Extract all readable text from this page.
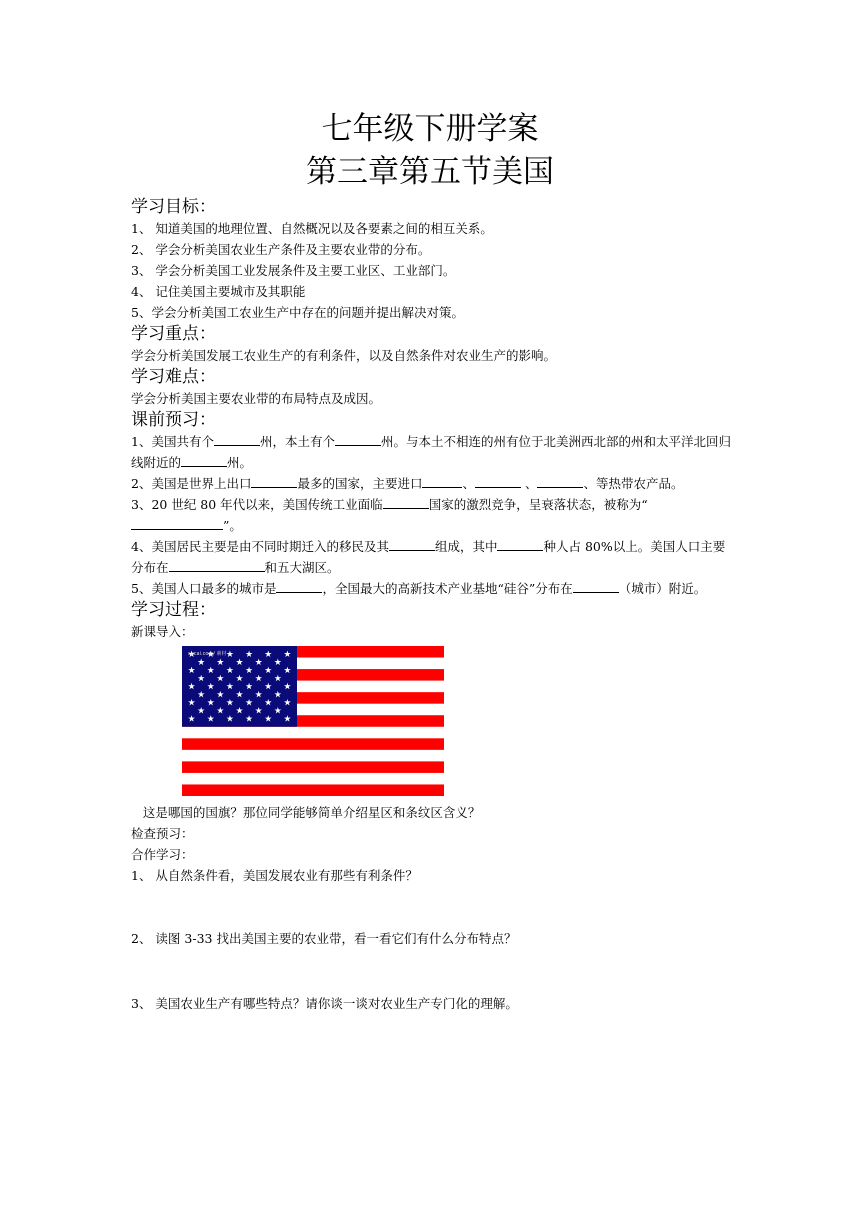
七年级下册学案
第三章第五节美国

学习目标：

1、 知道美国的地理位置、自然概况以及各要素之间的相互关系。

2、 学会分析美国农业生产条件及主要农业带的分布。

3、 学会分析美国工业发展条件及主要工业区、工业部门。

4、 记住美国主要城市及其职能

5、学会分析美国工农业生产中存在的问题并提出解决对策。

学习重点：

学会分析美国发展工农业生产的有利条件，以及自然条件对农业生产的影响。

学习难点：

学会分析美国主要农业带的布局特点及成因。

课前预习：

1、美国共有个	州，本土有个	州。与本土不相连的州有位于北美洲西北部的州和太平洋北回归线附近的	州。

2、美国是世界上出口	最多的国家，主要进口	、	、	、等热带农产品。

3、20 世纪 80 年代以来，美国传统工业面临	国家的激烈竞争，呈衰落状态，被称为“”。

4、美国居民主要是由不同时期迁入的移民及其	组成，其中	种人占 80%以上。美国人口主要分布在	和五大湖区。

5、美国人口最多的城市是	，全国最大的高新技术产业基地“硅谷”分布在	（城市）附近。

学习过程：

新课导入：

sucai.com/ 素材

这是哪国的国旗？那位同学能够简单介绍星区和条纹区含义？

检查预习：

合作学习：

1、 从自然条件看，美国发展农业有那些有利条件？

2、 读图 3-33 找出美国主要的农业带，看一看它们有什么分布特点？

3、 美国农业生产有哪些特点？请你谈一谈对农业生产专门化的理解。
